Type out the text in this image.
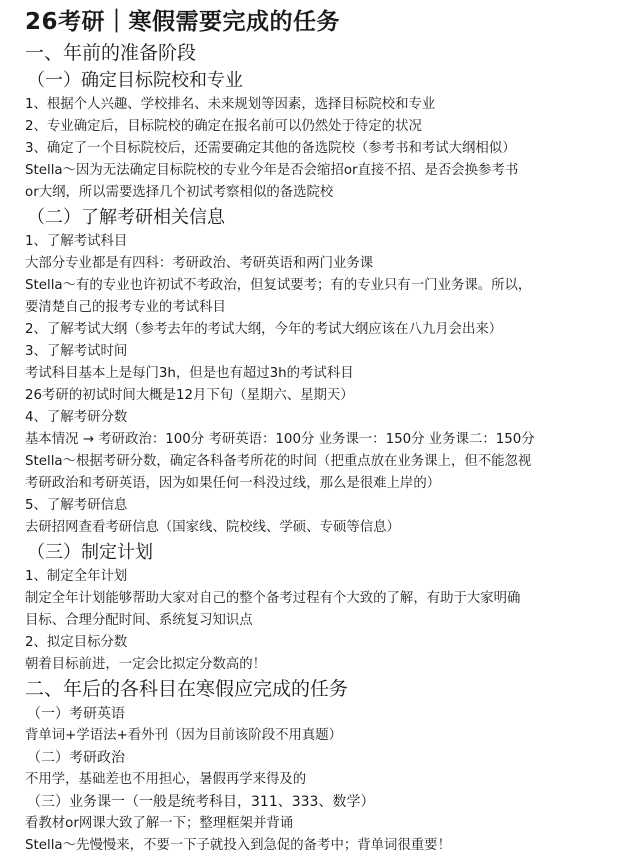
26考研｜寒假需要完成的任务
一、年前的准备阶段
（一）确定目标院校和专业
1、根据个人兴趣、学校排名、未来规划等因素，选择目标院校和专业
2、专业确定后，目标院校的确定在报名前可以仍然处于待定的状况
3、确定了一个目标院校后，还需要确定其他的备选院校（参考书和考试大纲相似）
Stella～因为无法确定目标院校的专业今年是否会缩招or直接不招、是否会换参考书
or大纲，所以需要选择几个初试考察相似的备选院校
（二）了解考研相关信息
1、了解考试科目
大部分专业都是有四科：考研政治、考研英语和两门业务课
Stella～有的专业也许初试不考政治，但复试要考；有的专业只有一门业务课。所以，
要清楚自己的报考专业的考试科目
2、了解考试大纲（参考去年的考试大纲，今年的考试大纲应该在八九月会出来）
3、了解考试时间
考试科目基本上是每门3h，但是也有超过3h的考试科目
26考研的初试时间大概是12月下旬（星期六、星期天）
4、了解考研分数
基本情况 → 考研政治：100分 考研英语：100分 业务课一：150分 业务课二：150分
Stella～根据考研分数，确定各科备考所花的时间（把重点放在业务课上，但不能忽视
考研政治和考研英语，因为如果任何一科没过线，那么是很难上岸的）
5、了解考研信息
去研招网查看考研信息（国家线、院校线、学硕、专硕等信息）
（三）制定计划
1、制定全年计划
制定全年计划能够帮助大家对自己的整个备考过程有个大致的了解，有助于大家明确
目标、合理分配时间、系统复习知识点
2、拟定目标分数
朝着目标前进，一定会比拟定分数高的！
二、年后的各科目在寒假应完成的任务
（一）考研英语
背单词+学语法+看外刊（因为目前该阶段不用真题）
（二）考研政治
不用学，基础差也不用担心，暑假再学来得及的
（三）业务课一（一般是统考科目，311、333、数学）
看教材or网课大致了解一下；整理框架并背诵
Stella～先慢慢来，不要一下子就投入到急促的备考中；背单词很重要！
